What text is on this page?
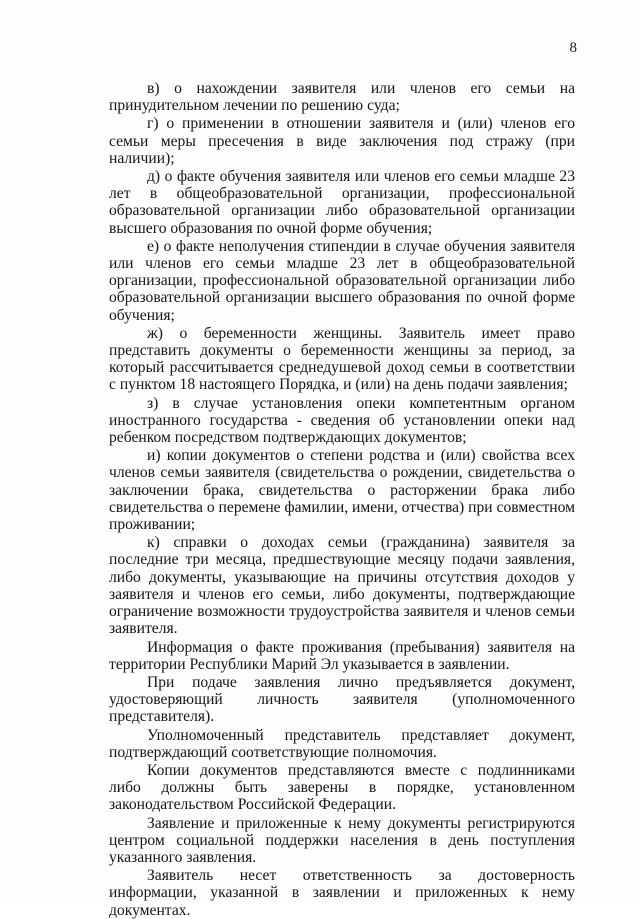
8

в) о нахождении заявителя или членов его семьи на принудительном лечении по решению суда;

г) о применении в отношении заявителя и (или) членов его семьи меры пресечения в виде заключения под стражу (при наличии);

д) о факте обучения заявителя или членов его семьи младше 23 лет в общеобразовательной организации, профессиональной образовательной организации либо образовательной организации высшего образования по очной форме обучения;

е) о факте неполучения стипендии в случае обучения заявителя или членов его семьи младше 23 лет в общеобразовательной организации, профессиональной образовательной организации либо образовательной организации высшего образования по очной форме обучения;

ж) о беременности женщины. Заявитель имеет право представить документы о беременности женщины за период, за который рассчитывается среднедушевой доход семьи в соответствии с пунктом 18 настоящего Порядка, и (или) на день подачи заявления;

з) в случае установления опеки компетентным органом иностранного государства - сведения об установлении опеки над ребенком посредством подтверждающих документов;

и) копии документов о степени родства и (или) свойства всех членов семьи заявителя (свидетельства о рождении, свидетельства о заключении брака, свидетельства о расторжении брака либо свидетельства о перемене фамилии, имени, отчества) при совместном проживании;

к) справки о доходах семьи (гражданина) заявителя за последние три месяца, предшествующие месяцу подачи заявления, либо документы, указывающие на причины отсутствия доходов у заявителя и членов его семьи, либо документы, подтверждающие ограничение возможности трудоустройства заявителя и членов семьи заявителя.

Информация о факте проживания (пребывания) заявителя на территории Республики Марий Эл указывается в заявлении.

При подаче заявления лично предъявляется документ, удостоверяющий личность заявителя (уполномоченного представителя).

Уполномоченный представитель представляет документ, подтверждающий соответствующие полномочия.

Копии документов представляются вместе с подлинниками либо должны быть заверены в порядке, установленном законодательством Российской Федерации.

Заявление и приложенные к нему документы регистрируются центром социальной поддержки населения в день поступления указанного заявления.

Заявитель несет ответственность за достоверность информации, указанной в заявлении и приложенных к нему документах.
